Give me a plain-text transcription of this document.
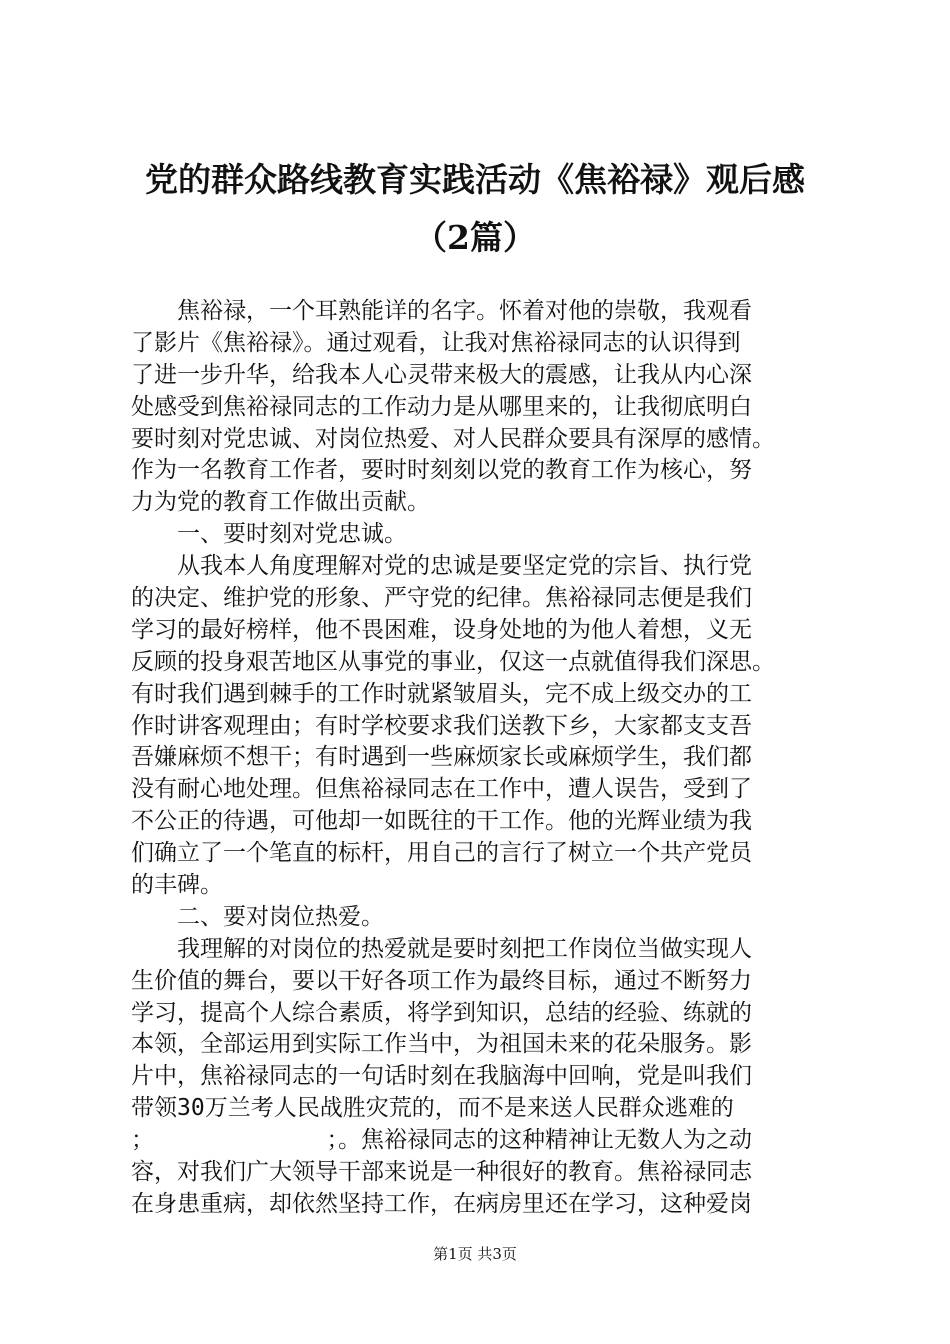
党的群众路线教育实践活动《焦裕禄》观后感
（2篇）
　　焦裕禄，一个耳熟能详的名字。怀着对他的崇敬，我观看
了影片《焦裕禄》。通过观看，让我对焦裕禄同志的认识得到
了进一步升华，给我本人心灵带来极大的震感，让我从内心深
处感受到焦裕禄同志的工作动力是从哪里来的，让我彻底明白
要时刻对党忠诚、对岗位热爱、对人民群众要具有深厚的感情。
作为一名教育工作者，要时时刻刻以党的教育工作为核心，努
力为党的教育工作做出贡献。
　　一、要时刻对党忠诚。
　　从我本人角度理解对党的忠诚是要坚定党的宗旨、执行党
的决定、维护党的形象、严守党的纪律。焦裕禄同志便是我们
学习的最好榜样，他不畏困难，设身处地的为他人着想，义无
反顾的投身艰苦地区从事党的事业，仅这一点就值得我们深思。
有时我们遇到棘手的工作时就紧皱眉头，完不成上级交办的工
作时讲客观理由；有时学校要求我们送教下乡，大家都支支吾
吾嫌麻烦不想干；有时遇到一些麻烦家长或麻烦学生，我们都
没有耐心地处理。但焦裕禄同志在工作中，遭人误告，受到了
不公正的待遇，可他却一如既往的干工作。他的光辉业绩为我
们确立了一个笔直的标杆，用自己的言行了树立一个共产党员
的丰碑。
　　二、要对岗位热爱。
　　我理解的对岗位的热爱就是要时刻把工作岗位当做实现人
生价值的舞台，要以干好各项工作为最终目标，通过不断努力
学习，提高个人综合素质，将学到知识，总结的经验、练就的
本领，全部运用到实际工作当中，为祖国未来的花朵服务。影
片中，焦裕禄同志的一句话时刻在我脑海中回响，党是叫我们
带领30万兰考人民战胜灾荒的，而不是来送人民群众逃难的
；　　　　　　　　；。焦裕禄同志的这种精神让无数人为之动
容，对我们广大领导干部来说是一种很好的教育。焦裕禄同志
在身患重病，却依然坚持工作，在病房里还在学习，这种爱岗
第1页 共3页
